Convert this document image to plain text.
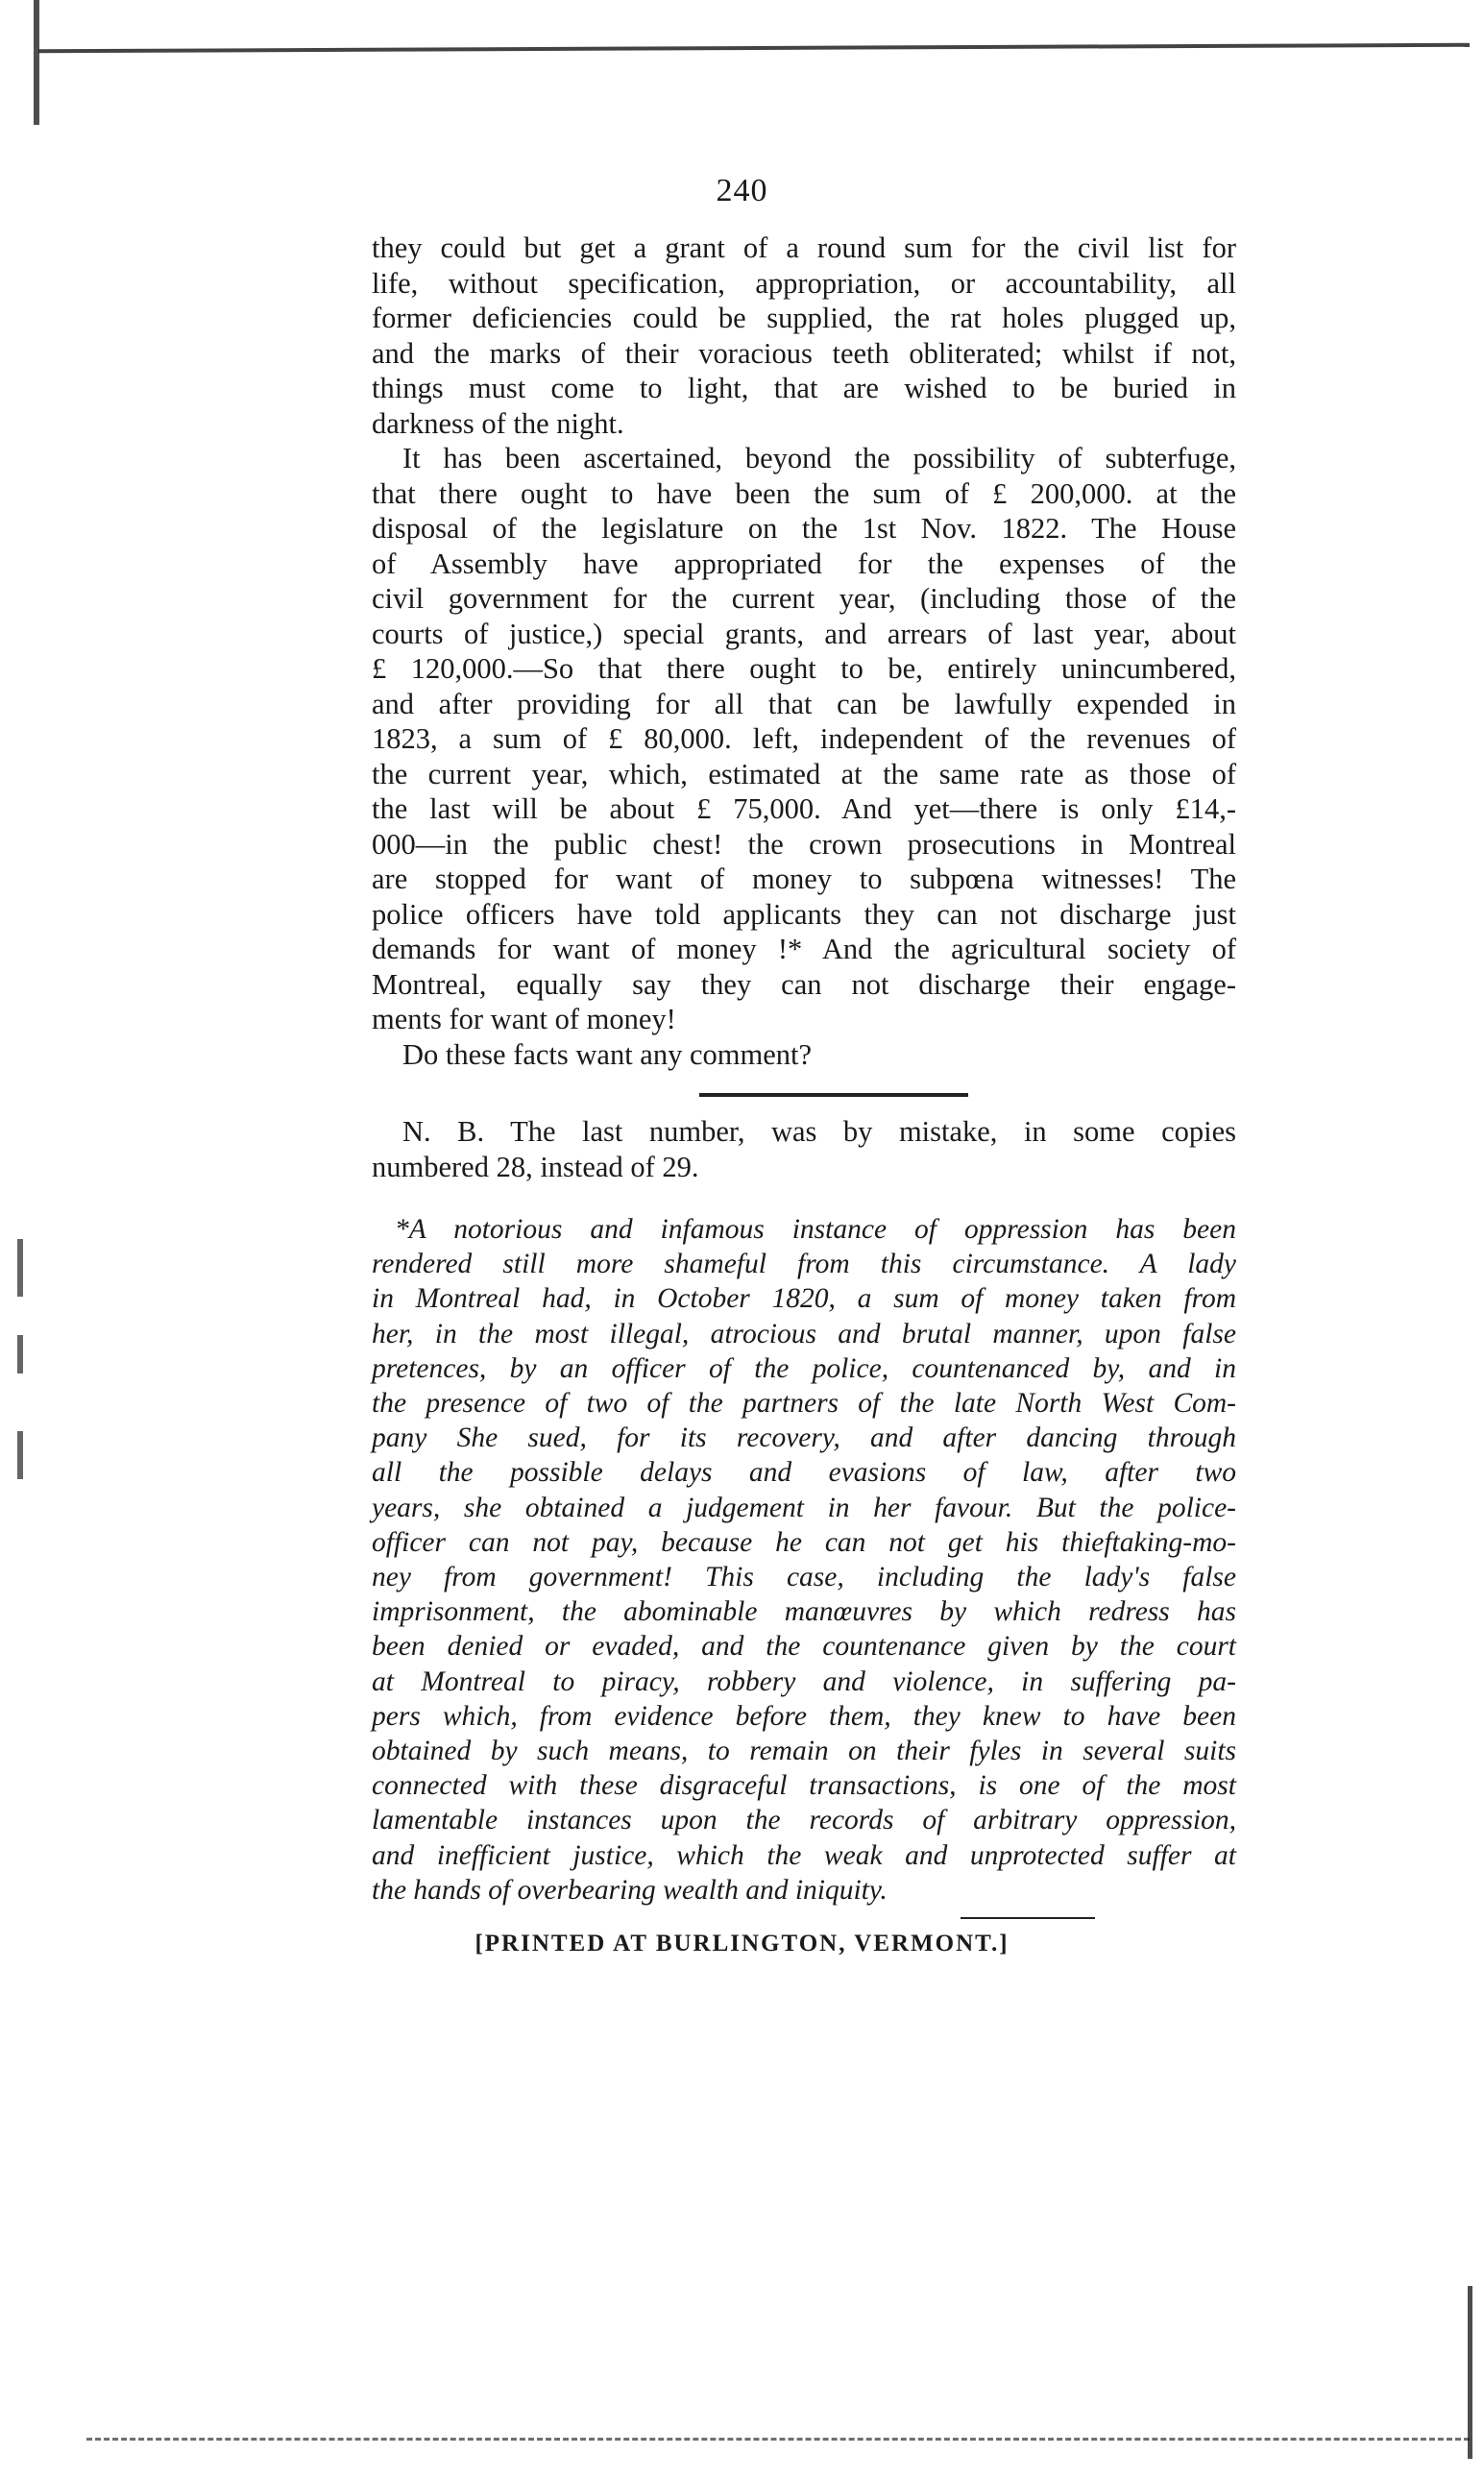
240
they could but get a grant of a round sum for the civil list for
life, without specification, appropriation, or accountability, all
former deficiencies could be supplied, the rat holes plugged up,
and the marks of their voracious teeth obliterated; whilst if not,
things must come to light, that are wished to be buried in
darkness of the night.
It has been ascertained, beyond the possibility of subterfuge,
that there ought to have been the sum of £ 200,000. at the
disposal of the legislature on the 1st Nov. 1822. The House
of Assembly have appropriated for the expenses of the
civil government for the current year, (including those of the
courts of justice,) special grants, and arrears of last year, about
£ 120,000.—So that there ought to be, entirely unincumbered,
and after providing for all that can be lawfully expended in
1823, a sum of £ 80,000. left, independent of the revenues of
the current year, which, estimated at the same rate as those of
the last will be about £ 75,000. And yet—there is only £14,-
000—in the public chest! the crown prosecutions in Montreal
are stopped for want of money to subpœna witnesses! The
police officers have told applicants they can not discharge just
demands for want of money !* And the agricultural society of
Montreal, equally say they can not discharge their engage-
ments for want of money!
Do these facts want any comment?
N. B. The last number, was by mistake, in some copies
numbered 28, instead of 29.
*A notorious and infamous instance of oppression has been
rendered still more shameful from this circumstance. A lady
in Montreal had, in October 1820, a sum of money taken from
her, in the most illegal, atrocious and brutal manner, upon false
pretences, by an officer of the police, countenanced by, and in
the presence of two of the partners of the late North West Com-
pany She sued, for its recovery, and after dancing through
all the possible delays and evasions of law, after two
years, she obtained a judgement in her favour. But the police-
officer can not pay, because he can not get his thieftaking-mo-
ney from government! This case, including the lady's false
imprisonment, the abominable manœuvres by which redress has
been denied or evaded, and the countenance given by the court
at Montreal to piracy, robbery and violence, in suffering pa-
pers which, from evidence before them, they knew to have been
obtained by such means, to remain on their fyles in several suits
connected with these disgraceful transactions, is one of the most
lamentable instances upon the records of arbitrary oppression,
and inefficient justice, which the weak and unprotected suffer at
the hands of overbearing wealth and iniquity.
[PRINTED AT BURLINGTON, VERMONT.]
